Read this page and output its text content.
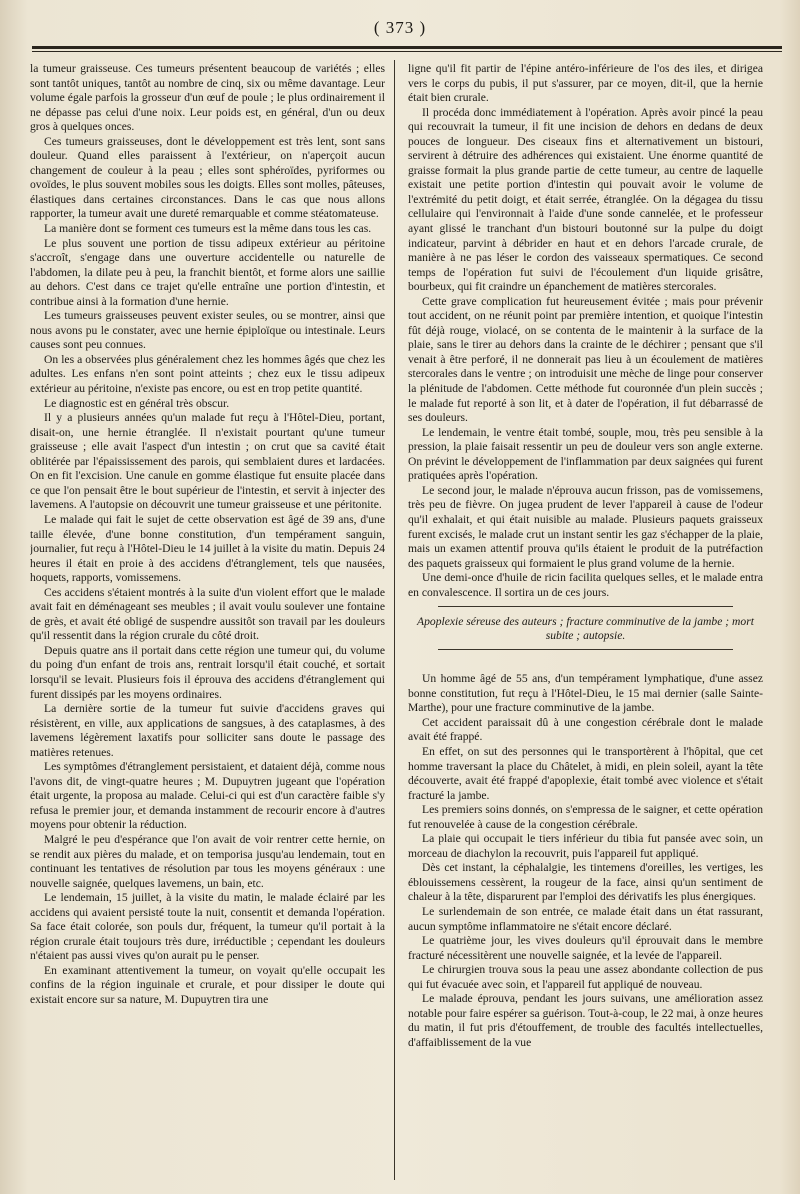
( 373 )

la tumeur graisseuse. Ces tumeurs présentent beaucoup de variétés ; elles sont tantôt uniques, tantôt au nombre de cinq, six ou même davantage. Leur volume égale parfois la grosseur d'un œuf de poule ; le plus ordinairement il ne dépasse pas celui d'une noix. Leur poids est, en général, d'un ou deux gros à quelques onces.

Ces tumeurs graisseuses, dont le développement est très lent, sont sans douleur. Quand elles paraissent à l'extérieur, on n'aperçoit aucun changement de couleur à la peau ; elles sont sphéroïdes, pyriformes ou ovoïdes, le plus souvent mobiles sous les doigts. Elles sont molles, pâteuses, élastiques dans certaines circonstances. Dans le cas que nous allons rapporter, la tumeur avait une dureté remarquable et comme stéatomateuse.

La manière dont se forment ces tumeurs est la même dans tous les cas.

Le plus souvent une portion de tissu adipeux extérieur au péritoine s'accroît, s'engage dans une ouverture accidentelle ou naturelle de l'abdomen, la dilate peu à peu, la franchit bientôt, et forme alors une saillie au dehors. C'est dans ce trajet qu'elle entraîne une portion d'intestin, et contribue ainsi à la formation d'une hernie.

Les tumeurs graisseuses peuvent exister seules, ou se montrer, ainsi que nous avons pu le constater, avec une hernie épiploïque ou intestinale. Leurs causes sont peu connues.

On les a observées plus généralement chez les hommes âgés que chez les adultes. Les enfans n'en sont point atteints ; chez eux le tissu adipeux extérieur au péritoine, n'existe pas encore, ou est en trop petite quantité.

Le diagnostic est en général très obscur.

Il y a plusieurs années qu'un malade fut reçu à l'Hôtel-Dieu, portant, disait-on, une hernie étranglée. Il n'existait pourtant qu'une tumeur graisseuse ; elle avait l'aspect d'un intestin ; on crut que sa cavité était oblitérée par l'épaississement des parois, qui semblaient dures et lardacées. On en fit l'excision. Une canule en gomme élastique fut ensuite placée dans ce que l'on pensait être le bout supérieur de l'intestin, et servit à injecter des lavemens. A l'autopsie on découvrit une tumeur graisseuse et une péritonite.

Le malade qui fait le sujet de cette observation est âgé de 39 ans, d'une taille élevée, d'une bonne constitution, d'un tempérament sanguin, journalier, fut reçu à l'Hôtel-Dieu le 14 juillet à la visite du matin. Depuis 24 heures il était en proie à des accidens d'étranglement, tels que nausées, hoquets, rapports, vomissemens.

Ces accidens s'étaient montrés à la suite d'un violent effort que le malade avait fait en déménageant ses meubles ; il avait voulu soulever une fontaine de grès, et avait été obligé de suspendre aussitôt son travail par les douleurs qu'il ressentit dans la région crurale du côté droit.

Depuis quatre ans il portait dans cette région une tumeur qui, du volume du poing d'un enfant de trois ans, rentrait lorsqu'il était couché, et sortait lorsqu'il se levait. Plusieurs fois il éprouva des accidens d'étranglement qui furent dissipés par les moyens ordinaires.

La dernière sortie de la tumeur fut suivie d'accidens graves qui résistèrent, en ville, aux applications de sangsues, à des cataplasmes, à des lavemens légèrement laxatifs pour solliciter sans doute le passage des matières retenues.

Les symptômes d'étranglement persistaient, et dataient déjà, comme nous l'avons dit, de vingt-quatre heures ; M. Dupuytren jugeant que l'opération était urgente, la proposa au malade. Celui-ci qui est d'un caractère faible s'y refusa le premier jour, et demanda instamment de recourir encore à d'autres moyens pour obtenir la réduction.

Malgré le peu d'espérance que l'on avait de voir rentrer cette hernie, on se rendit aux pières du malade, et on temporisa jusqu'au lendemain, tout en continuant les tentatives de résolution par tous les moyens généraux : une nouvelle saignée, quelques lavemens, un bain, etc.

Le lendemain, 15 juillet, à la visite du matin, le malade éclairé par les accidens qui avaient persisté toute la nuit, consentit et demanda l'opération. Sa face était colorée, son pouls dur, fréquent, la tumeur qu'il portait à la région crurale était toujours très dure, irréductible ; cependant les douleurs n'étaient pas aussi vives qu'on aurait pu le penser.

En examinant attentivement la tumeur, on voyait qu'elle occupait les confins de la région inguinale et crurale, et pour dissiper le doute qui existait encore sur sa nature, M. Dupuytren tira une

ligne qu'il fit partir de l'épine antéro-inférieure de l'os des iles, et dirigea vers le corps du pubis, il put s'assurer, par ce moyen, dit-il, que la hernie était bien crurale.

Il procéda donc immédiatement à l'opération. Après avoir pincé la peau qui recouvrait la tumeur, il fit une incision de dehors en dedans de deux pouces de longueur. Des ciseaux fins et alternativement un bistouri, servirent à détruire des adhérences qui existaient. Une énorme quantité de graisse formait la plus grande partie de cette tumeur, au centre de laquelle existait une petite portion d'intestin qui pouvait avoir le volume de l'extrémité du petit doigt, et était serrée, étranglée. On la dégagea du tissu cellulaire qui l'environnait à l'aide d'une sonde cannelée, et le professeur ayant glissé le tranchant d'un bistouri boutonné sur la pulpe du doigt indicateur, parvint à débrider en haut et en dehors l'arcade crurale, de manière à ne pas léser le cordon des vaisseaux spermatiques. Ce second temps de l'opération fut suivi de l'écoulement d'un liquide grisâtre, bourbeux, qui fit craindre un épanchement de matières stercorales.

Cette grave complication fut heureusement évitée ; mais pour prévenir tout accident, on ne réunit point par première intention, et quoique l'intestin fût déjà rouge, violacé, on se contenta de le maintenir à la surface de la plaie, sans le tirer au dehors dans la crainte de le déchirer ; pensant que s'il venait à être perforé, il ne donnerait pas lieu à un écoulement de matières stercorales dans le ventre ; on introduisit une mèche de linge pour conserver la plénitude de l'abdomen. Cette méthode fut couronnée d'un plein succès ; le malade fut reporté à son lit, et à dater de l'opération, il fut débarrassé de ses douleurs.

Le lendemain, le ventre était tombé, souple, mou, très peu sensible à la pression, la plaie faisait ressentir un peu de douleur vers son angle externe. On prévint le développement de l'inflammation par deux saignées qui furent pratiquées après l'opération.

Le second jour, le malade n'éprouva aucun frisson, pas de vomissemens, très peu de fièvre. On jugea prudent de lever l'appareil à cause de l'odeur qu'il exhalait, et qui était nuisible au malade. Plusieurs paquets graisseux furent excisés, le malade crut un instant sentir les gaz s'échapper de la plaie, mais un examen attentif prouva qu'ils étaient le produit de la putréfaction des paquets graisseux qui formaient le plus grand volume de la hernie.

Une demi-once d'huile de ricin facilita quelques selles, et le malade entra en convalescence. Il sortira un de ces jours.

Apoplexie séreuse des auteurs ; fracture comminutive de la jambe ; mort subite ; autopsie.

Un homme âgé de 55 ans, d'un tempérament lymphatique, d'une assez bonne constitution, fut reçu à l'Hôtel-Dieu, le 15 mai dernier (salle Sainte-Marthe), pour une fracture comminutive de la jambe.

Cet accident paraissait dû à une congestion cérébrale dont le malade avait été frappé.

En effet, on sut des personnes qui le transportèrent à l'hôpital, que cet homme traversant la place du Châtelet, à midi, en plein soleil, ayant la tête découverte, avait été frappé d'apoplexie, était tombé avec violence et s'était fracturé la jambe.

Les premiers soins donnés, on s'empressa de le saigner, et cette opération fut renouvelée à cause de la congestion cérébrale.

La plaie qui occupait le tiers inférieur du tibia fut pansée avec soin, un morceau de diachylon la recouvrit, puis l'appareil fut appliqué.

Dès cet instant, la céphalalgie, les tintemens d'oreilles, les vertiges, les éblouissemens cessèrent, la rougeur de la face, ainsi qu'un sentiment de chaleur à la tête, disparurent par l'emploi des dérivatifs les plus énergiques.

Le surlendemain de son entrée, ce malade était dans un état rassurant, aucun symptôme inflammatoire ne s'était encore déclaré.

Le quatrième jour, les vives douleurs qu'il éprouvait dans le membre fracturé nécessitèrent une nouvelle saignée, et la levée de l'appareil.

Le chirurgien trouva sous la peau une assez abondante collection de pus qui fut évacuée avec soin, et l'appareil fut appliqué de nouveau.

Le malade éprouva, pendant les jours suivans, une amélioration assez notable pour faire espérer sa guérison. Tout-à-coup, le 22 mai, à onze heures du matin, il fut pris d'étouffement, de trouble des facultés intellectuelles, d'affaiblissement de la vue
